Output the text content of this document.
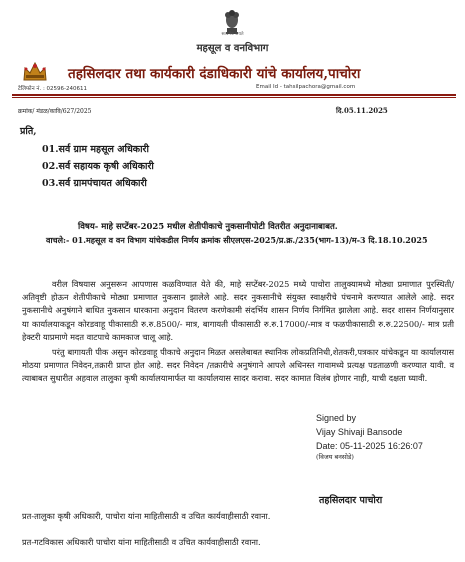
सत्यमेव जयते
महसूल व वनविभाग
तहसिलदार तथा कार्यकारी दंडाधिकारी यांचे कार्यालय,पाचोरा
टेलिफोन नं. : 02596-240611	Email Id - tahsilpachora@gmail.com
क्रमांक/ मंडळ/कावि/627/2025	दि.05.11.2025
प्रति,
01.सर्व ग्राम महसूल अधिकारी
02.सर्व सहायक कृषी अधिकारी
03.सर्व ग्रामपंचायत अधिकारी
विषय- माहे सप्टेंबर-2025 मधील शेतीपीकाचे नुकसानीपोटी वितरीत अनुदानाबाबत.
वाचले:- 01.महसूल व वन विभाग यांचेकडील निर्णय क्रमांक सीएलएस-2025/प्र.क्र./235(भाग-13)/म-3 दि.18.10.2025
वरील विषयास अनुसरून आपणास कळविण्यात येते की, माहे सप्टेंबर-2025 मध्ये पाचोरा तालुक्यामध्ये मोठ्या प्रमाणात पुरस्थिती/अतिवृष्टी होऊन शेतीपीकाचे मोठ्या प्रमाणात नुकसान झालेले आहे. सदर नुकसानीचे संयुक्त स्वाक्षरीचे पंचनामे करण्यात आलेले आहे. सदर नुकसानीचे अनुषंगाने बाधित नुकसान धारकाना अनुदान वितरण करणेकामी संदर्भिय शासन निर्णय निर्गमित झालेला आहे. सदर शासन निर्णयानुसार या कार्यालयाकडून कोरडवाहू पीकासाठी रु.रु.8500/- मात्र, बागायती पीकासाठी रु.रु.17000/-मात्र व फळपीकासाठी रु.रु.22500/- मात्र प्रती हेक्टरी याप्रमाणे मदत वाटपाचे कामकाज चालू आहे.
परंतु बागायती पीक असुन कोरडवाहू पीकाचे अनुदान मिळत असलेबाबत स्थानिक लोकप्रतिनिधी,शेतकरी,पत्रकार यांचेकडून या कार्यालयास मोठया प्रमाणात निवेदन,तक्रारी प्राप्त होत आहे. सदर निवेदन /तक्रारीचे अनुषंगाने आपले अधिनस्त गावामध्ये प्रत्यक्ष पडताळणी करण्यात यावी. व त्याबाबत सुधारीत अहवाल तालुका कृषी कार्यालयामार्फत या कार्यालयास सादर करावा. सदर कामात विलंब होणार नाही, याची दक्षता घ्यावी.
Signed by
Vijay Shivaji Bansode
Date: 05-11-2025 16:26:07
(विजय बनसोडे)
तहसिलदार पाचोरा
प्रत-तालुका कृषी अधिकारी, पाचोरा यांना माहितीसाठी व उचित कार्यवाहीसाठी रवाना.
प्रत-गटविकास अधिकारी पाचोरा यांना माहितीसाठी व उचित कार्यवाहीसाठी रवाना.
